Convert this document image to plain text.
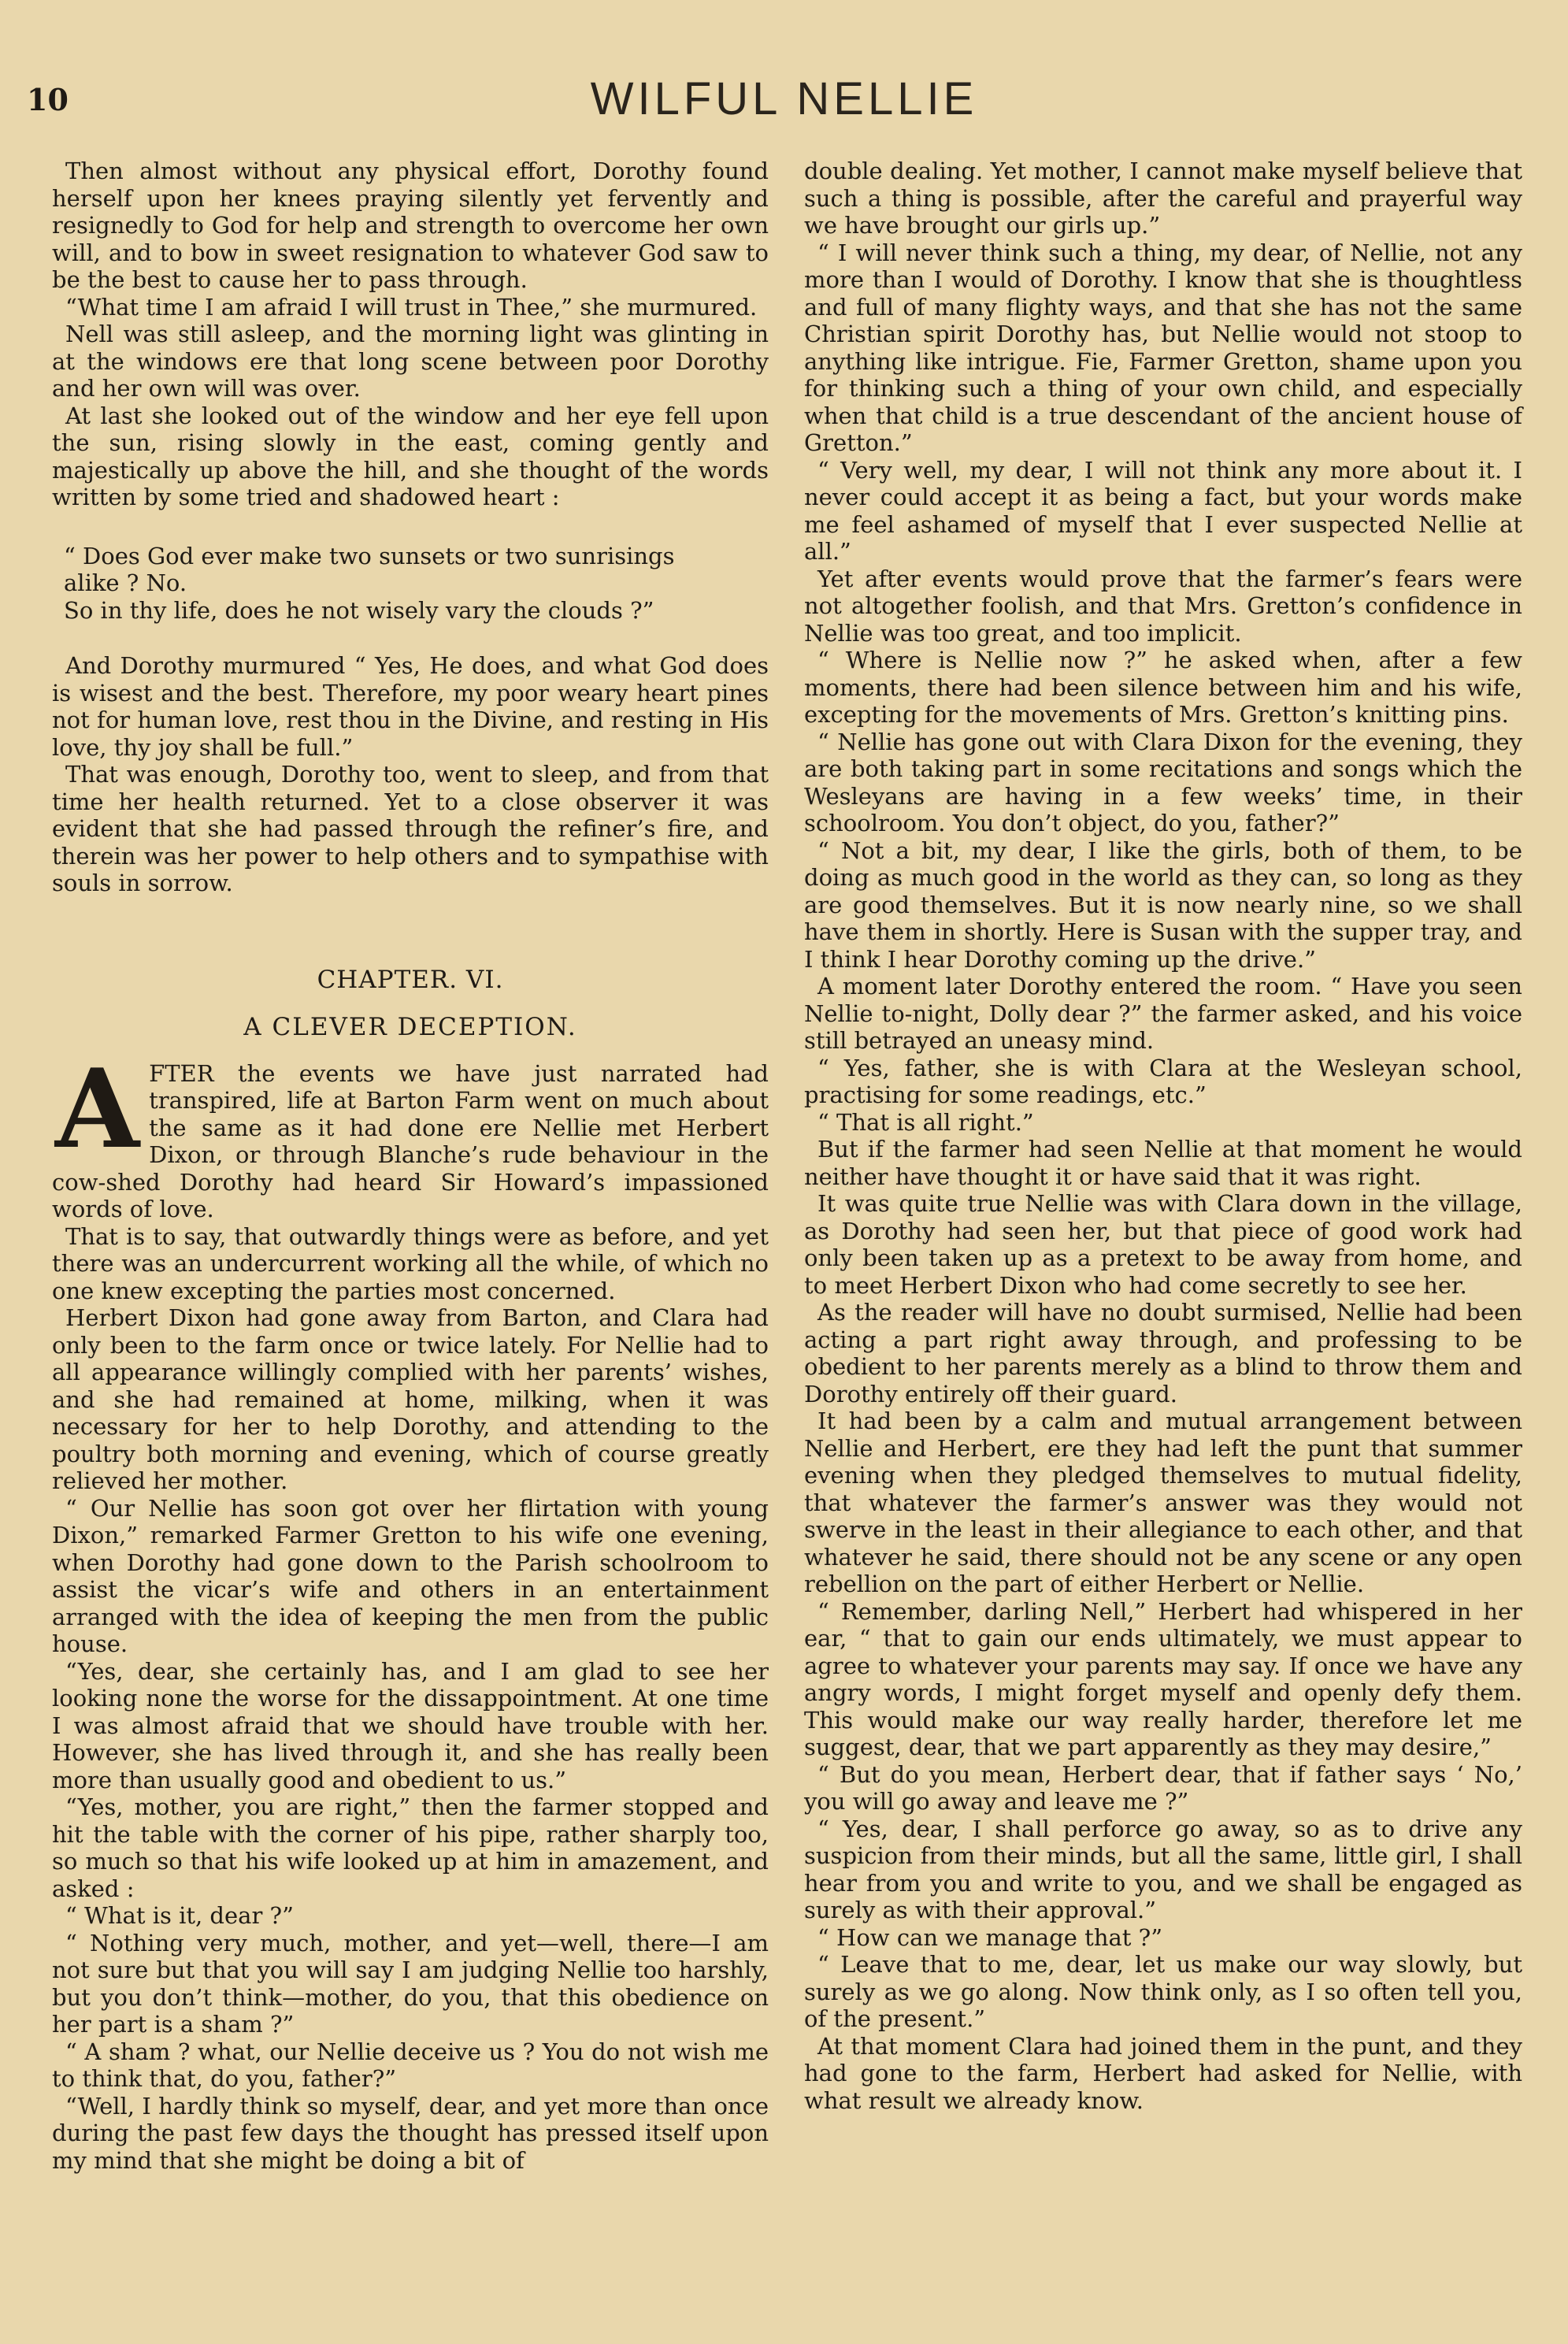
10	WILFUL NELLIE

Then almost without any physical effort, Dorothy found herself upon her knees praying silently yet fervently and resignedly to God for help and strength to overcome her own will, and to bow in sweet resignation to whatever God saw to be the best to cause her to pass through.

“What time I am afraid I will trust in Thee,” she murmured.

Nell was still asleep, and the morning light was glinting in at the windows ere that long scene between poor Dorothy and her own will was over.

At last she looked out of the window and her eye fell upon the sun, rising slowly in the east, coming gently and majestically up above the hill, and she thought of the words written by some tried and shadowed heart :

“ Does God ever make two sunsets or two sunrisings

alike ? No.

So in thy life, does he not wisely vary the clouds ?”

And Dorothy murmured “ Yes, He does, and what God does is wisest and the best. Therefore, my poor weary heart pines not for human love, rest thou in the Divine, and resting in His love, thy joy shall be full.”

That was enough, Dorothy too, went to sleep, and from that time her health returned. Yet to a close observer it was evident that she had passed through the refiner’s fire, and therein was her power to help others and to sympathise with souls in sorrow.

CHAPTER. VI.
A CLEVER DECEPTION.

AFTER the events we have just narrated had transpired, life at Barton Farm went on much about the same as it had done ere Nellie met Herbert Dixon, or through Blanche’s rude behaviour in the cow-shed Dorothy had heard Sir Howard’s impassioned words of love.

That is to say, that outwardly things were as before, and yet there was an undercurrent working all the while, of which no one knew excepting the parties most concerned.

Herbert Dixon had gone away from Barton, and Clara had only been to the farm once or twice lately. For Nellie had to all appearance willingly complied with her parents’ wishes, and she had remained at home, milking, when it was necessary for her to help Dorothy, and attending to the poultry both morning and evening, which of course greatly relieved her mother.

“ Our Nellie has soon got over her flirtation with young Dixon,” remarked Farmer Gretton to his wife one evening, when Dorothy had gone down to the Parish schoolroom to assist the vicar’s wife and others in an entertainment arranged with the idea of keeping the men from the public house.

“Yes, dear, she certainly has, and I am glad to see her looking none the worse for the dissappointment. At one time I was almost afraid that we should have trouble with her. However, she has lived through it, and she has really been more than usually good and obedient to us.”

“Yes, mother, you are right,” then the farmer stopped and hit the table with the corner of his pipe, rather sharply too, so much so that his wife looked up at him in amazement, and asked :

“ What is it, dear ?”

“ Nothing very much, mother, and yet—well, there—I am not sure but that you will say I am judging Nellie too harshly, but you don’t think—mother, do you, that this obedience on her part is a sham ?”

“ A sham ? what, our Nellie deceive us ? You do not wish me to think that, do you, father?”

“Well, I hardly think so myself, dear, and yet more than once during the past few days the thought has pressed itself upon my mind that she might be doing a bit of

double dealing. Yet mother, I cannot make myself believe that such a thing is possible, after the careful and prayerful way we have brought our girls up.”

“ I will never think such a thing, my dear, of Nellie, not any more than I would of Dorothy. I know that she is thoughtless and full of many flighty ways, and that she has not the same Christian spirit Dorothy has, but Nellie would not stoop to anything like intrigue. Fie, Farmer Gretton, shame upon you for thinking such a thing of your own child, and especially when that child is a true descendant of the ancient house of Gretton.”

“ Very well, my dear, I will not think any more about it. I never could accept it as being a fact, but your words make me feel ashamed of myself that I ever suspected Nellie at all.”

Yet after events would prove that the farmer’s fears were not altogether foolish, and that Mrs. Gretton’s confidence in Nellie was too great, and too implicit.

“ Where is Nellie now ?” he asked when, after a few moments, there had been silence between him and his wife, excepting for the movements of Mrs. Gretton’s knitting pins.

“ Nellie has gone out with Clara Dixon for the evening, they are both taking part in some recitations and songs which the Wesleyans are having in a few weeks’ time, in their schoolroom. You don’t object, do you, father?”

“ Not a bit, my dear, I like the girls, both of them, to be doing as much good in the world as they can, so long as they are good themselves. But it is now nearly nine, so we shall have them in shortly. Here is Susan with the supper tray, and I think I hear Dorothy coming up the drive.”

A moment later Dorothy entered the room. “ Have you seen Nellie to-night, Dolly dear ?” the farmer asked, and his voice still betrayed an uneasy mind.

“ Yes, father, she is with Clara at the Wesleyan school, practising for some readings, etc.”

“ That is all right.”

But if the farmer had seen Nellie at that moment he would neither have thought it or have said that it was right.

It was quite true Nellie was with Clara down in the village, as Dorothy had seen her, but that piece of good work had only been taken up as a pretext to be away from home, and to meet Herbert Dixon who had come secretly to see her.

As the reader will have no doubt surmised, Nellie had been acting a part right away through, and professing to be obedient to her parents merely as a blind to throw them and Dorothy entirely off their guard.

It had been by a calm and mutual arrangement between Nellie and Herbert, ere they had left the punt that summer evening when they pledged themselves to mutual fidelity, that whatever the farmer’s answer was they would not swerve in the least in their allegiance to each other, and that whatever he said, there should not be any scene or any open rebellion on the part of either Herbert or Nellie.

“ Remember, darling Nell,” Herbert had whispered in her ear, “ that to gain our ends ultimately, we must appear to agree to whatever your parents may say. If once we have any angry words, I might forget myself and openly defy them. This would make our way really harder, therefore let me suggest, dear, that we part apparently as they may desire,”

“ But do you mean, Herbert dear, that if father says ‘ No,’ you will go away and leave me ?”

“ Yes, dear, I shall perforce go away, so as to drive any suspicion from their minds, but all the same, little girl, I shall hear from you and write to you, and we shall be engaged as surely as with their approval.”

“ How can we manage that ?”

“ Leave that to me, dear, let us make our way slowly, but surely as we go along. Now think only, as I so often tell you, of the present.”

At that moment Clara had joined them in the punt, and they had gone to the farm, Herbert had asked for Nellie, with what result we already know.
